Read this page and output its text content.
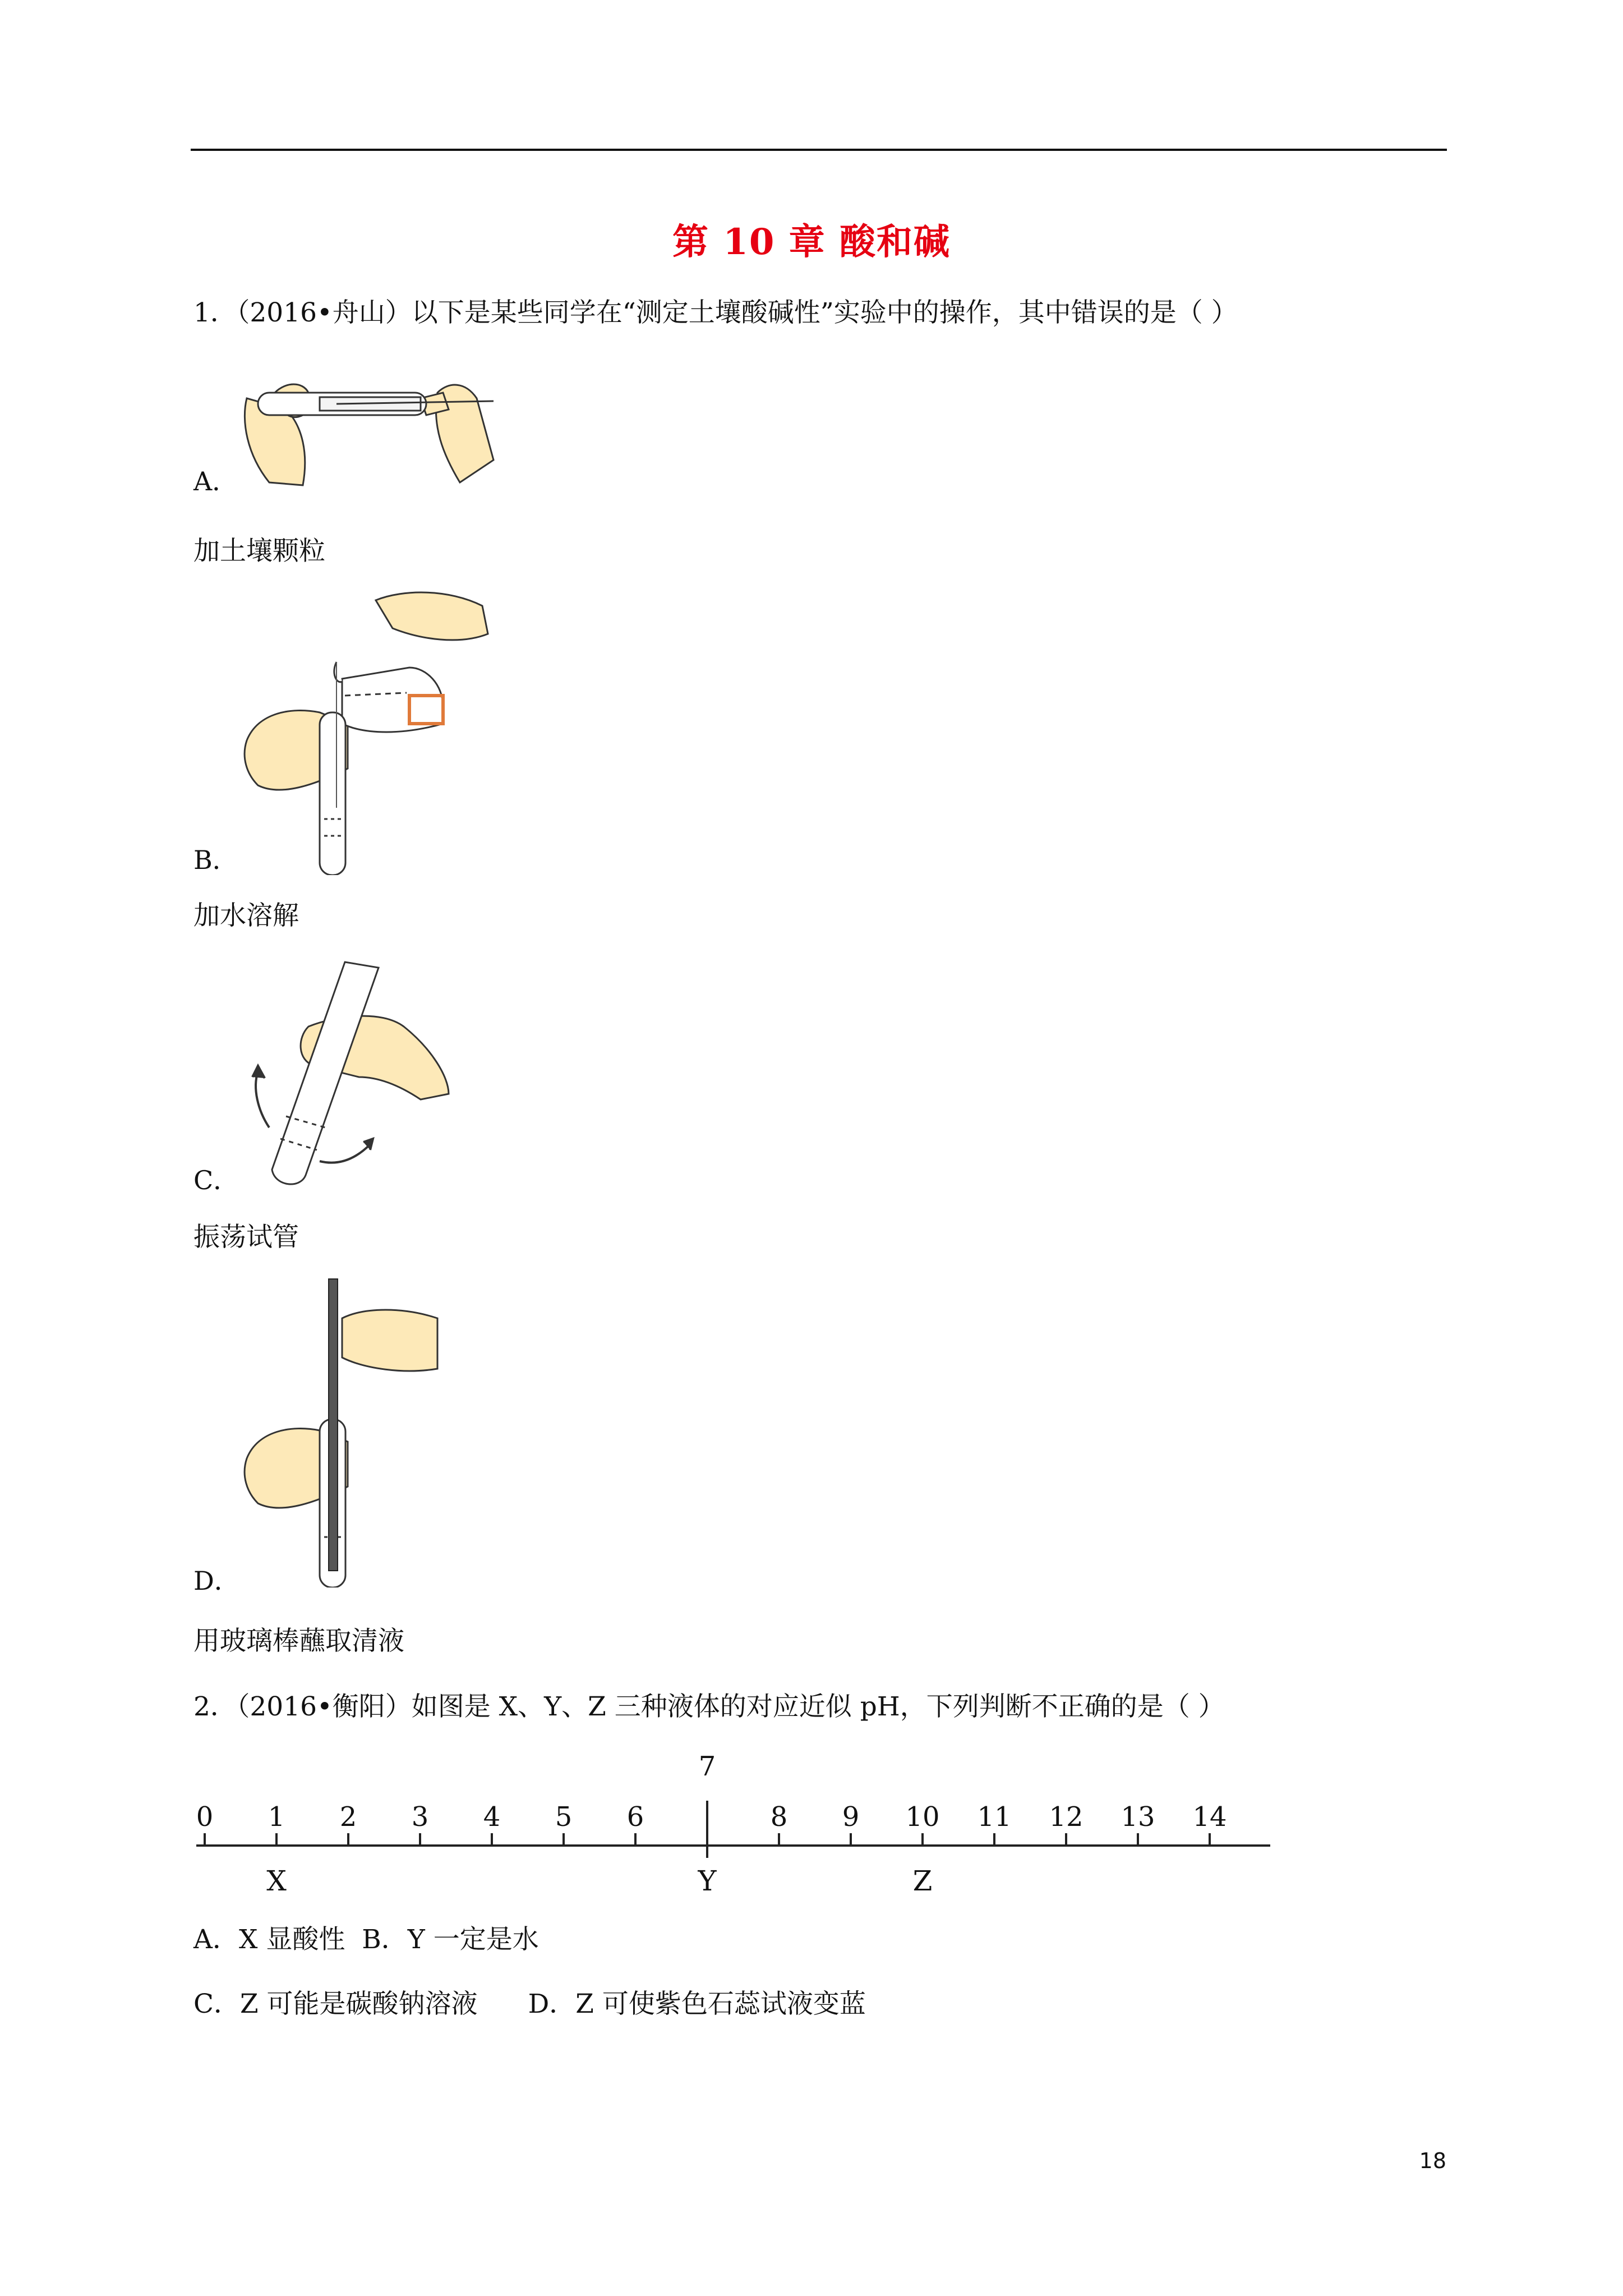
第 10 章 酸和碱
1．（2016•舟山）以下是某些同学在“测定土壤酸碱性”实验中的操作，其中错误的是（ ）
A．
加土壤颗粒
B．
加水溶解
C．
振荡试管
D．
用玻璃棒蘸取清液
2．（2016•衡阳）如图是 X、Y、Z 三种液体的对应近似 pH，下列判断不正确的是（ ）
0 1 2 3 4 5 6
7
8 9 10 11 12 13 14
X	Y	Z
A．X 显酸性 B．Y 一定是水
C．Z 可能是碳酸钠溶液 D．Z 可使紫色石蕊试液变蓝
18
